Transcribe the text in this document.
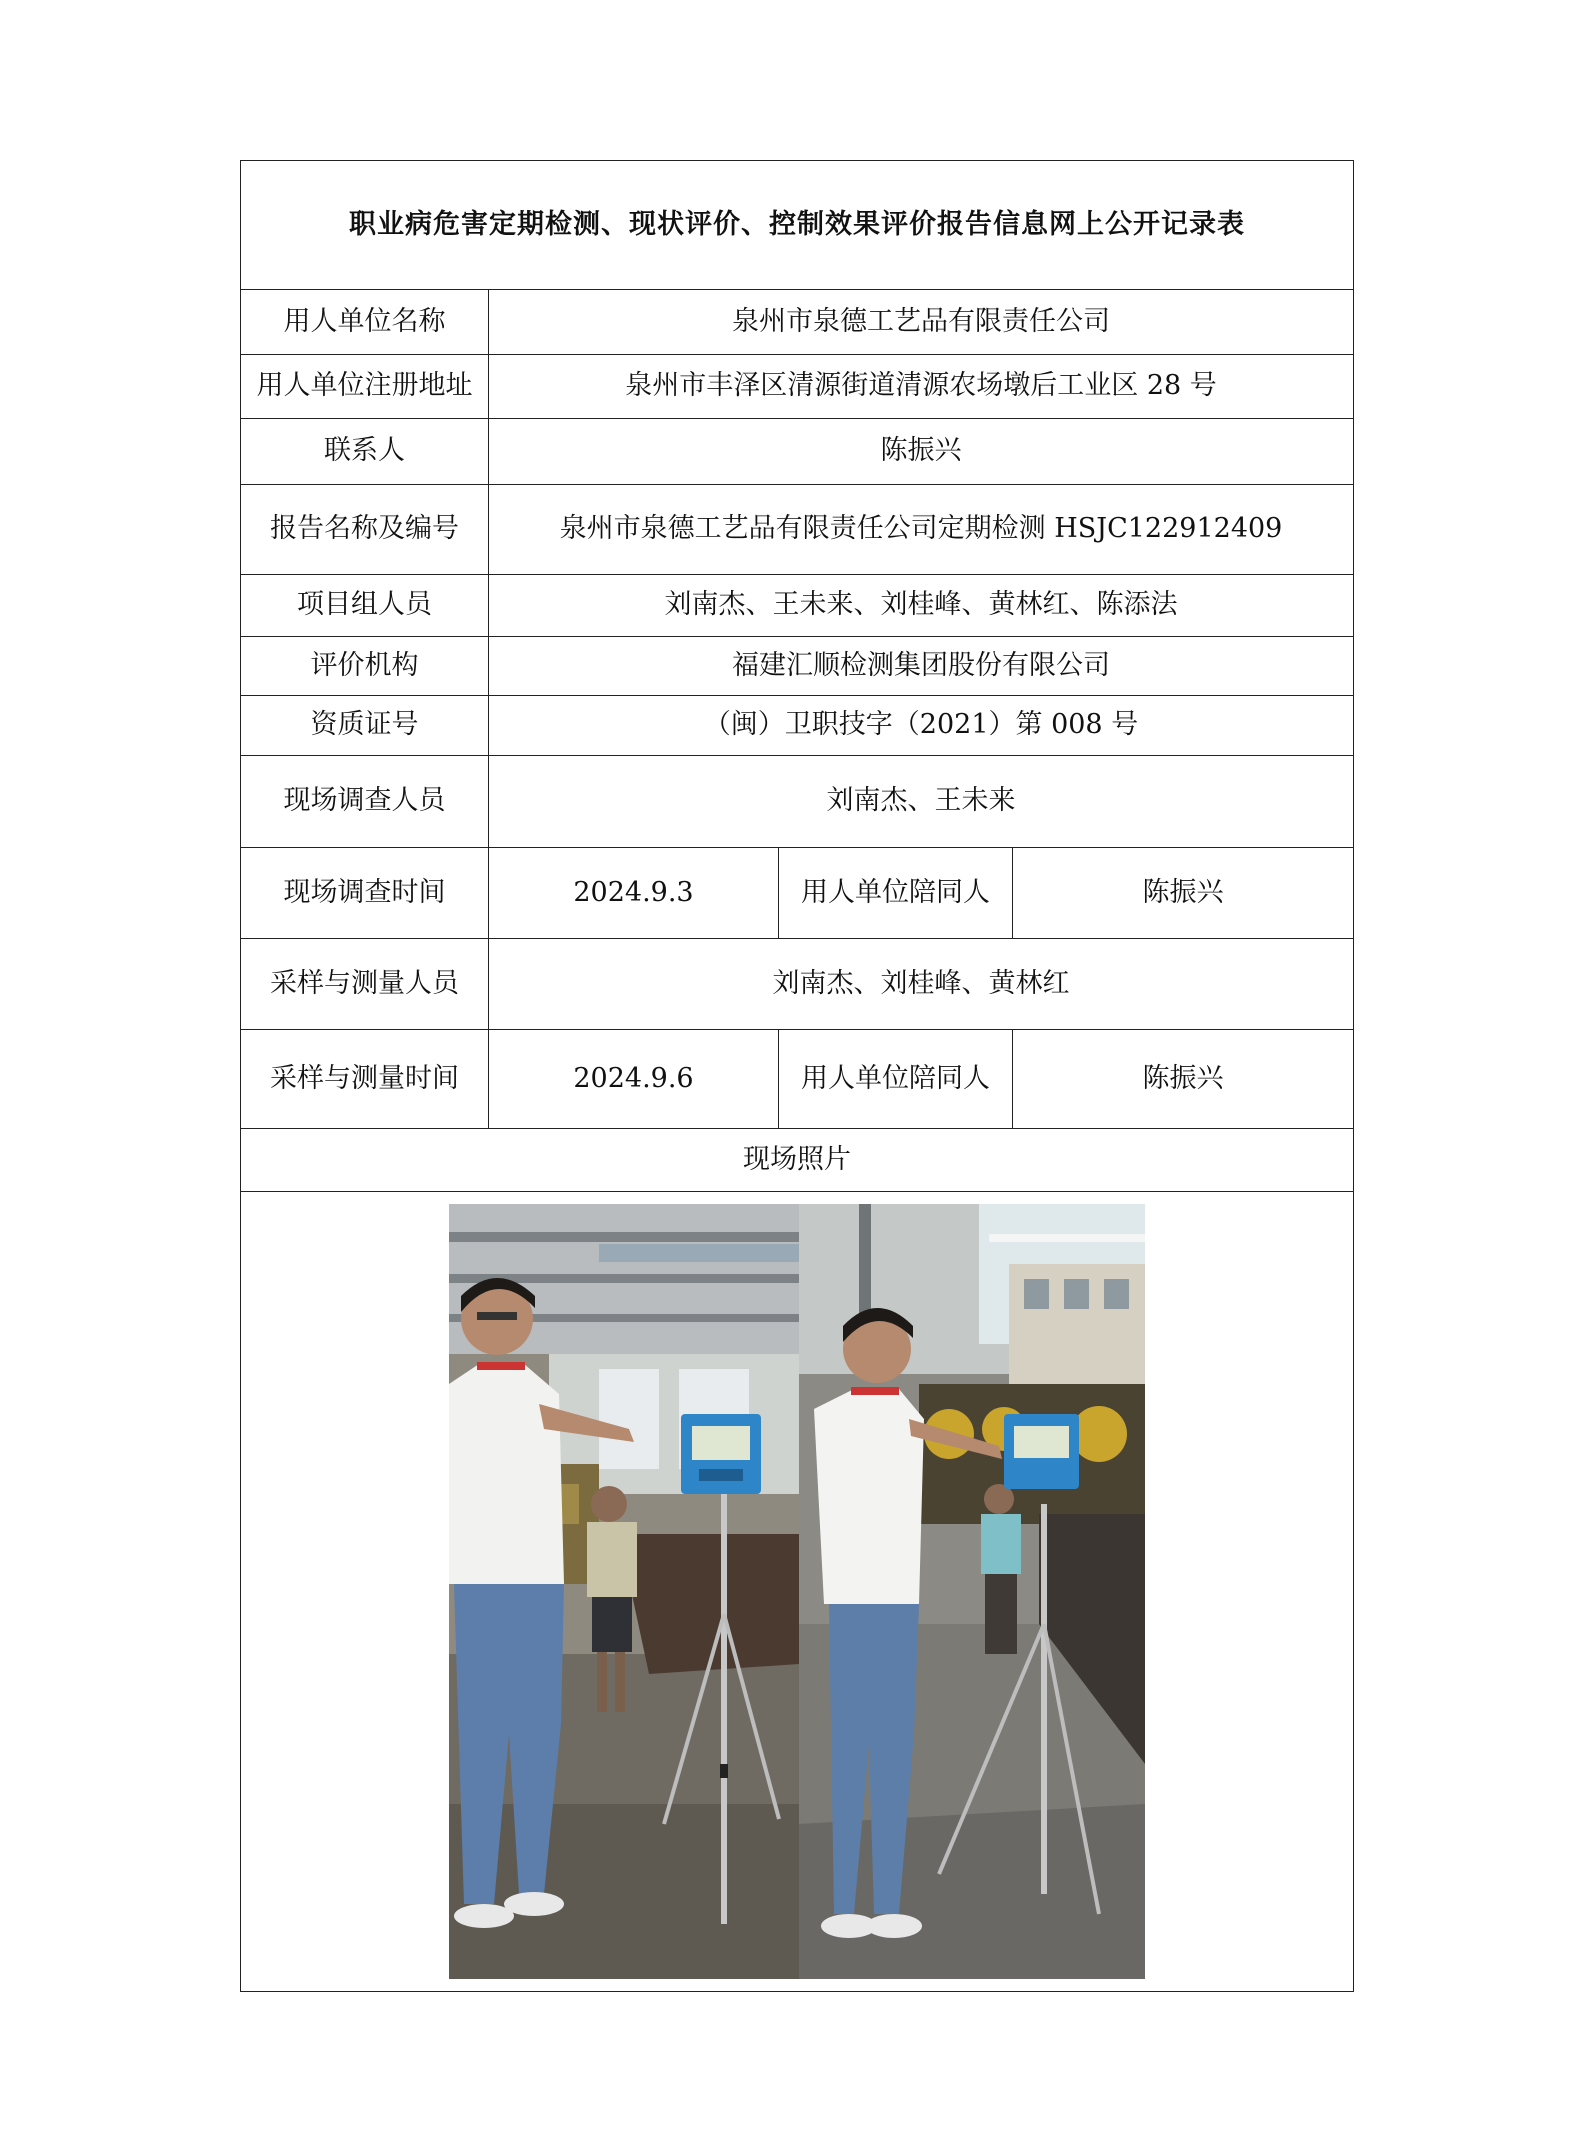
职业病危害定期检测、现状评价、控制效果评价报告信息网上公开记录表			
用人单位名称	泉州市泉德工艺品有限责任公司		
用人单位注册地址	泉州市丰泽区清源街道清源农场墩后工业区 28 号		
联系人	陈振兴		
报告名称及编号	泉州市泉德工艺品有限责任公司定期检测 HSJC122912409		
项目组人员	刘南杰、王未来、刘桂峰、黄林红、陈添法		
评价机构	福建汇顺检测集团股份有限公司		
资质证号	（闽）卫职技字（2021）第 008 号		
现场调查人员	刘南杰、王未来		
现场调查时间	2024.9.3	用人单位陪同人	陈振兴
采样与测量人员	刘南杰、刘桂峰、黄林红		
采样与测量时间	2024.9.6	用人单位陪同人	陈振兴
现场照片			
